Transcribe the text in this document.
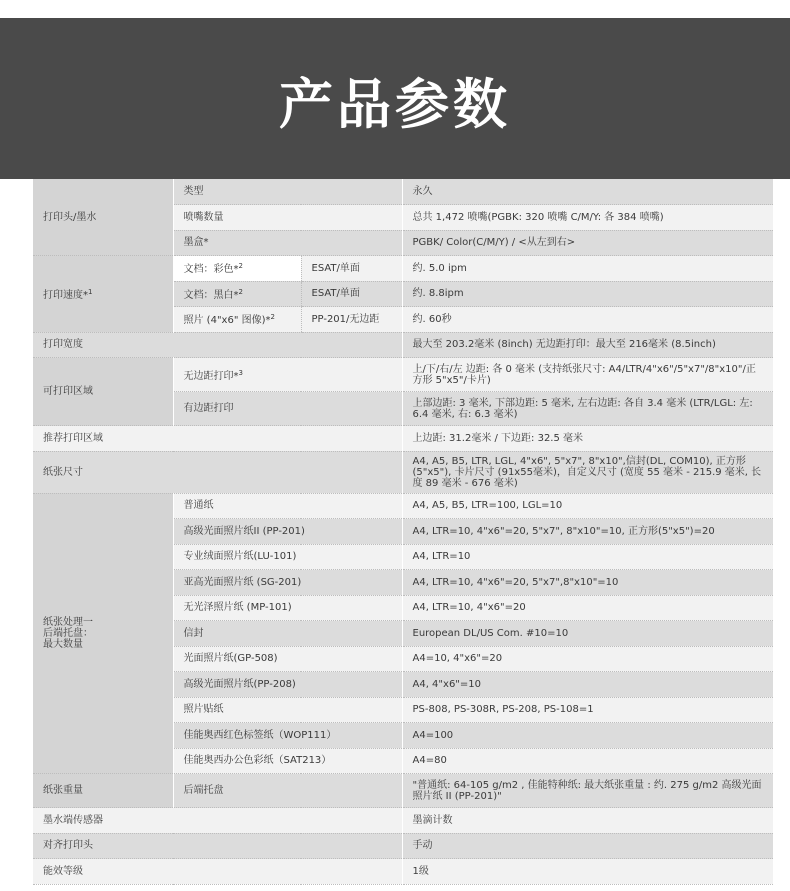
产品参数
打印头/墨水	类型		永久
	喷嘴数量		总共 1,472 喷嘴(PGBK: 320 喷嘴 C/M/Y: 各 384 喷嘴)
	墨盒*		PGBK/ Color(C/M/Y) / <从左到右>
打印速度*$^1$	文档：彩色*$^2$	ESAT/单面	约. 5.0 ipm
	文档：黑白*$^2$	ESAT/单面	约. 8.8ipm
	照片 (4"x6" 图像)*$^2$	PP-201/无边距	约. 60秒
打印宽度			最大至 203.2毫米 (8inch) 无边距打印：最大至 216毫米 (8.5inch)
可打印区域	无边距打印*$^3$		上/下/右/左 边距: 各 0 毫米 (支持纸张尺寸: A4/LTR/4"x6"/5"x7"/8"x10"/正方形 5"x5"/卡片)
	有边距打印		上部边距: 3 毫米, 下部边距: 5 毫米, 左右边距: 各自 3.4 毫米 (LTR/LGL: 左: 6.4 毫米, 右: 6.3 毫米)
推荐打印区域			上边距: 31.2毫米 / 下边距: 32.5 毫米
纸张尺寸			A4, A5, B5, LTR, LGL, 4"x6", 5"x7", 8"x10",信封(DL, COM10), 正方形(5"x5"), 卡片尺寸 (91x55毫米)，自定义尺寸 (宽度 55 毫米 - 215.9 毫米, 长度 89 毫米 - 676 毫米)
纸张处理一
后端托盘：
最大数量	普通纸		A4, A5, B5, LTR=100, LGL=10
	高级光面照片纸II (PP-201)		A4, LTR=10, 4"x6"=20, 5"x7", 8"x10"=10, 正方形(5"x5")=20
	专业绒面照片纸(LU-101)		A4, LTR=10
	亚高光面照片纸 (SG-201)		A4, LTR=10, 4"x6"=20, 5"x7",8"x10"=10
	无光泽照片纸 (MP-101)		A4, LTR=10, 4"x6"=20
	信封		European DL/US Com. #10=10
	光面照片纸(GP-508)		A4=10, 4"x6"=20
	高级光面照片纸(PP-208)		A4, 4"x6"=10
	照片贴纸		PS-808, PS-308R, PS-208, PS-108=1
	佳能奥西红色标签纸（WOP111）		A4=100
	佳能奥西办公色彩纸（SAT213）		A4=80
纸张重量	后端托盘		"普通纸: 64-105 g/m2 , 佳能特种纸: 最大纸张重量 : 约. 275 g/m2 高级光面照片纸 II (PP-201)"
墨水端传感器			墨滴计数
对齐打印头			手动
能效等级			1级
